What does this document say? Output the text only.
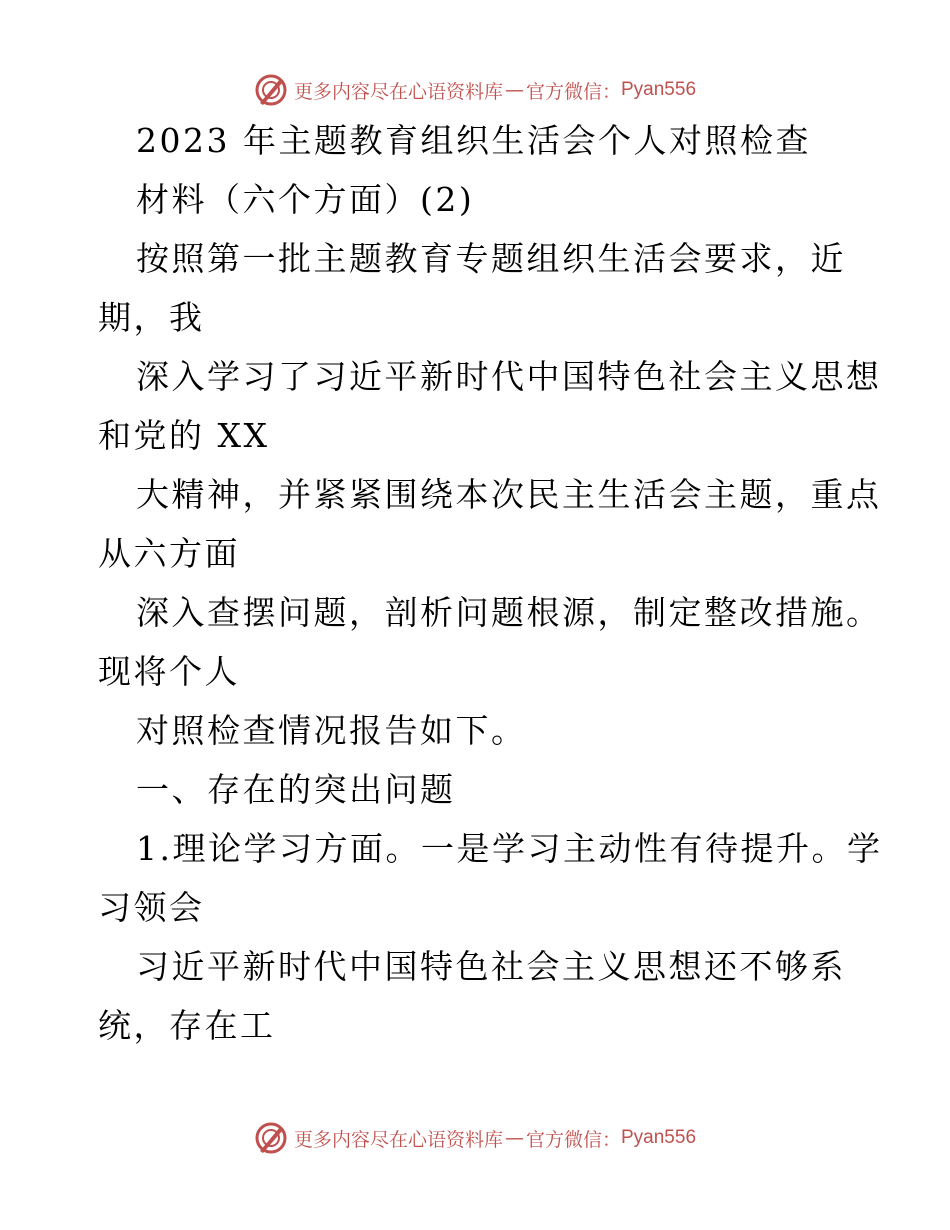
更多内容尽在心语资料库 — 官方微信： Pyan556
2023 年主题教育组织生活会个人对照检查
材料（六个方面）(2)
按照第一批主题教育专题组织生活会要求，近
期，我
深入学习了习近平新时代中国特色社会主义思想
和党的 XX
大精神，并紧紧围绕本次民主生活会主题，重点
从六方面
深入查摆问题，剖析问题根源，制定整改措施。
现将个人
对照检查情况报告如下。
一、存在的突出问题
1.理论学习方面。一是学习主动性有待提升。学
习领会
习近平新时代中国特色社会主义思想还不够系
统，存在工
更多内容尽在心语资料库 — 官方微信： Pyan556
